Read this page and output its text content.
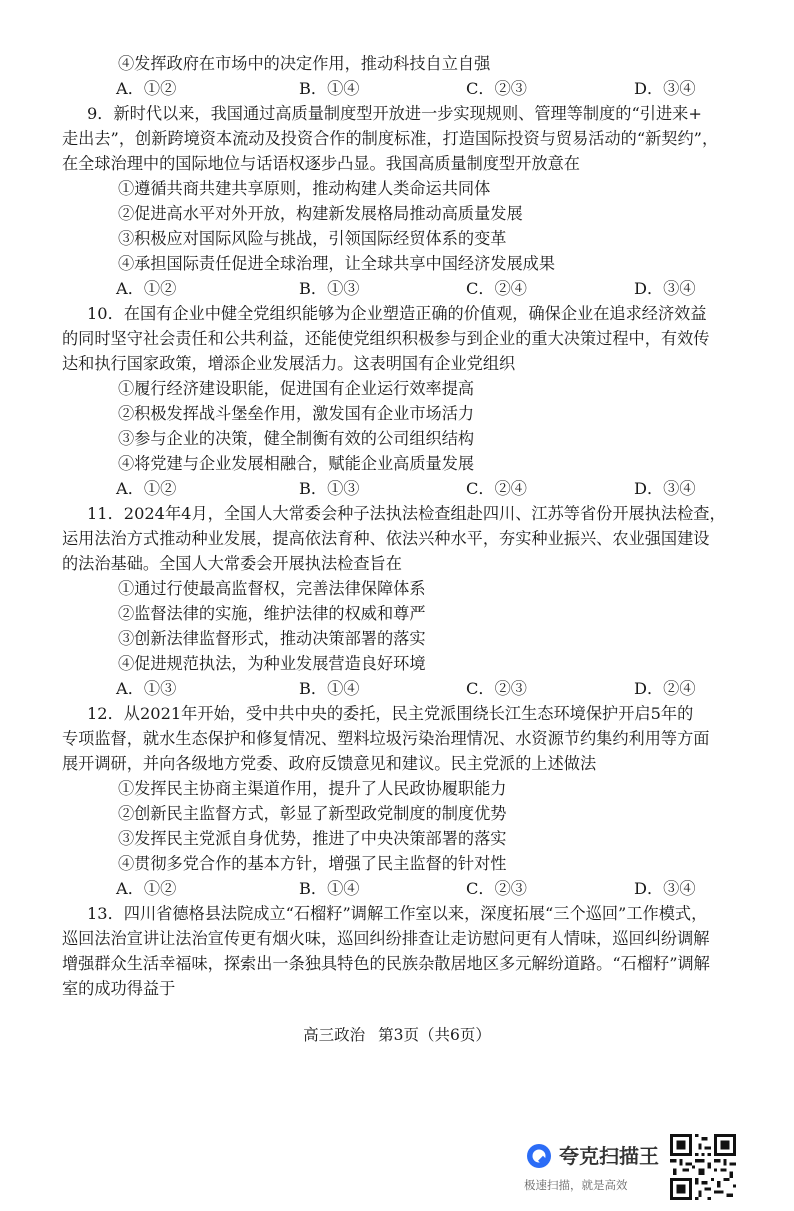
④发挥政府在市场中的决定作用，推动科技自立自强
A．①②	B．①④	C．②③	D．③④
9．新时代以来，我国通过高质量制度型开放进一步实现规则、管理等制度的“引进来+
走出去”，创新跨境资本流动及投资合作的制度标准，打造国际投资与贸易活动的“新契约”，
在全球治理中的国际地位与话语权逐步凸显。我国高质量制度型开放意在
①遵循共商共建共享原则，推动构建人类命运共同体
②促进高水平对外开放，构建新发展格局推动高质量发展
③积极应对国际风险与挑战，引领国际经贸体系的变革
④承担国际责任促进全球治理，让全球共享中国经济发展成果
A．①②	B．①③	C．②④	D．③④
10．在国有企业中健全党组织能够为企业塑造正确的价值观，确保企业在追求经济效益
的同时坚守社会责任和公共利益，还能使党组织积极参与到企业的重大决策过程中，有效传
达和执行国家政策，增添企业发展活力。这表明国有企业党组织
①履行经济建设职能，促进国有企业运行效率提高
②积极发挥战斗堡垒作用，激发国有企业市场活力
③参与企业的决策，健全制衡有效的公司组织结构
④将党建与企业发展相融合，赋能企业高质量发展
A．①②	B．①③	C．②④	D．③④
11．2024年4月，全国人大常委会种子法执法检查组赴四川、江苏等省份开展执法检查，
运用法治方式推动种业发展，提高依法育种、依法兴种水平，夯实种业振兴、农业强国建设
的法治基础。全国人大常委会开展执法检查旨在
①通过行使最高监督权，完善法律保障体系
②监督法律的实施，维护法律的权威和尊严
③创新法律监督形式，推动决策部署的落实
④促进规范执法，为种业发展营造良好环境
A．①③	B．①④	C．②③	D．②④
12．从2021年开始，受中共中央的委托，民主党派围绕长江生态环境保护开启5年的
专项监督，就水生态保护和修复情况、塑料垃圾污染治理情况、水资源节约集约利用等方面
展开调研，并向各级地方党委、政府反馈意见和建议。民主党派的上述做法
①发挥民主协商主渠道作用，提升了人民政协履职能力
②创新民主监督方式，彰显了新型政党制度的制度优势
③发挥民主党派自身优势，推进了中央决策部署的落实
④贯彻多党合作的基本方针，增强了民主监督的针对性
A．①②	B．①④	C．②③	D．③④
13．四川省德格县法院成立“石榴籽”调解工作室以来，深度拓展“三个巡回”工作模式，
巡回法治宣讲让法治宣传更有烟火味，巡回纠纷排查让走访慰问更有人情味，巡回纠纷调解
增强群众生活幸福味，探索出一条独具特色的民族杂散居地区多元解纷道路。“石榴籽”调解
室的成功得益于
高三政治 第3页（共6页）
夸克扫描王
极速扫描，就是高效
